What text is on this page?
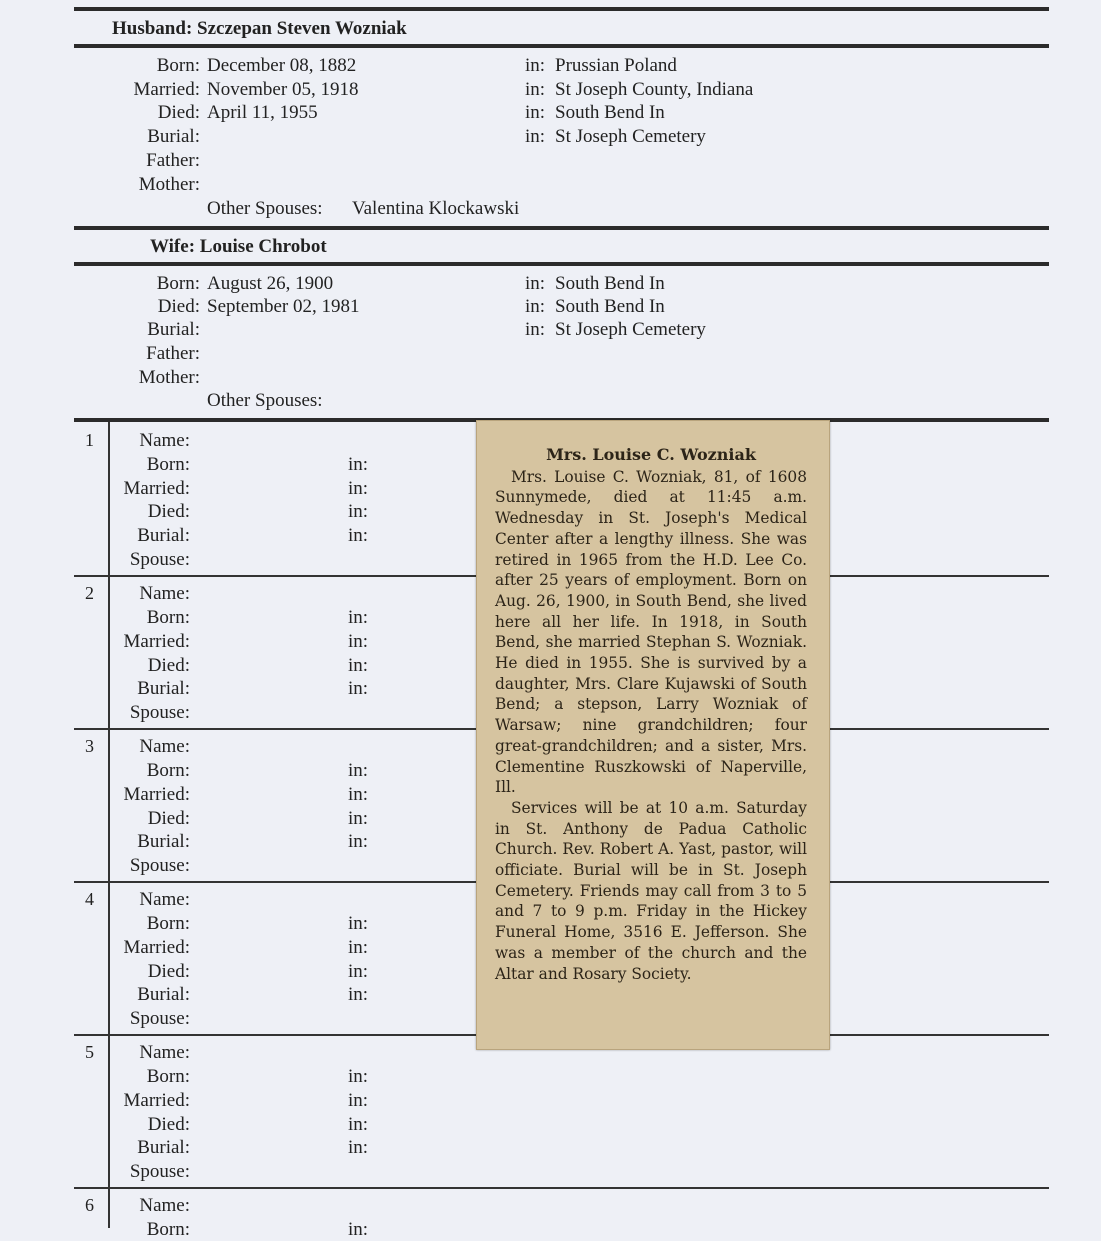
Husband: Szczepan Steven Wozniak
Born: December 08, 1882	in: Prussian Poland
Married: November 05, 1918	in: St Joseph County, Indiana
Died: April 11, 1955	in: South Bend In
Burial:	in: St Joseph Cemetery
Father:
Mother:
Other Spouses: Valentina Klockawski
Wife: Louise Chrobot
Born: August 26, 1900	in: South Bend In
Died: September 02, 1981	in: South Bend In
Burial:	in: St Joseph Cemetery
Father:
Mother:
Other Spouses:
1	Name:
Born:	in:
Married:	in:
Died:	in:
Burial:	in:
Spouse:
2	Name:
Born:	in:
Married:	in:
Died:	in:
Burial:	in:
Spouse:
3	Name:
Born:	in:
Married:	in:
Died:	in:
Burial:	in:
Spouse:
4	Name:
Born:	in:
Married:	in:
Died:	in:
Burial:	in:
Spouse:
5	Name:
Born:	in:
Married:	in:
Died:	in:
Burial:	in:
Spouse:
6	Name:
Born:	in:
Mrs. Louise C. Wozniak

Mrs. Louise C. Wozniak, 81, of 1608 Sunnymede, died at 11:45 a.m. Wednesday in St. Joseph's Medical Center after a lengthy illness. She was retired in 1965 from the H.D. Lee Co. after 25 years of employment. Born on Aug. 26, 1900, in South Bend, she lived here all her life. In 1918, in South Bend, she married Stephan S. Wozniak. He died in 1955. She is survived by a daughter, Mrs. Clare Kujawski of South Bend; a stepson, Larry Wozniak of Warsaw; nine grandchildren; four great-grandchildren; and a sister, Mrs. Clementine Ruszkowski of Naperville, Ill.

Services will be at 10 a.m. Saturday in St. Anthony de Padua Catholic Church. Rev. Robert A. Yast, pastor, will officiate. Burial will be in St. Joseph Cemetery. Friends may call from 3 to 5 and 7 to 9 p.m. Friday in the Hickey Funeral Home, 3516 E. Jefferson. She was a member of the church and the Altar and Rosary Society.
